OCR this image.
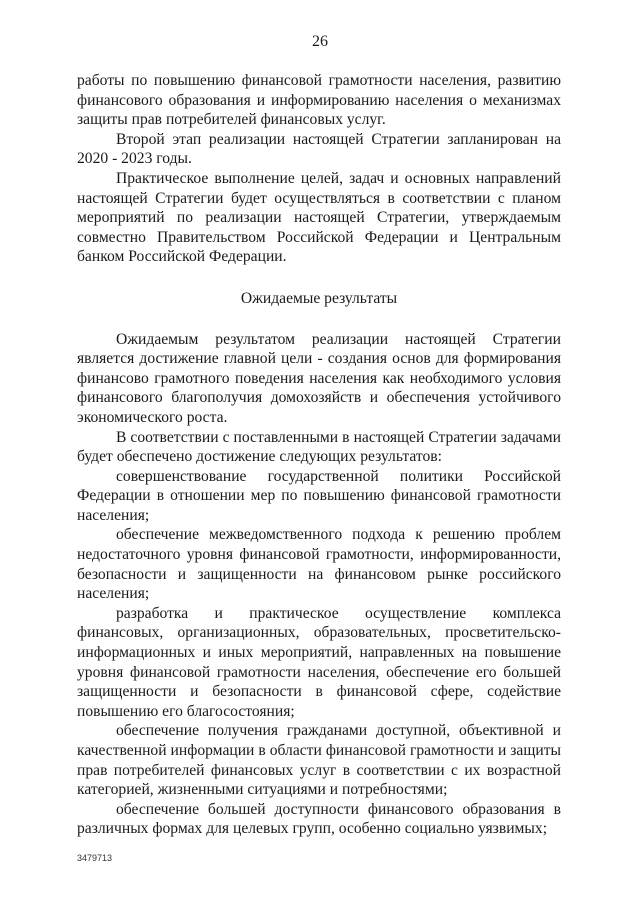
26

работы по повышению финансовой грамотности населения, развитию финансового образования и информированию населения о механизмах защиты прав потребителей финансовых услуг.

Второй этап реализации настоящей Стратегии запланирован на 2020 - 2023 годы.

Практическое выполнение целей, задач и основных направлений настоящей Стратегии будет осуществляться в соответствии с планом мероприятий по реализации настоящей Стратегии, утверждаемым совместно Правительством Российской Федерации и Центральным банком Российской Федерации.

Ожидаемые результаты

Ожидаемым результатом реализации настоящей Стратегии является достижение главной цели - создания основ для формирования финансово грамотного поведения населения как необходимого условия финансового благополучия домохозяйств и обеспечения устойчивого экономического роста.

В соответствии с поставленными в настоящей Стратегии задачами будет обеспечено достижение следующих результатов:

совершенствование государственной политики Российской Федерации в отношении мер по повышению финансовой грамотности населения;

обеспечение межведомственного подхода к решению проблем недостаточного уровня финансовой грамотности, информированности, безопасности и защищенности на финансовом рынке российского населения;

разработка и практическое осуществление комплекса финансовых, организационных, образовательных, просветительско-информационных и иных мероприятий, направленных на повышение уровня финансовой грамотности населения, обеспечение его большей защищенности и безопасности в финансовой сфере, содействие повышению его благосостояния;

обеспечение получения гражданами доступной, объективной и качественной информации в области финансовой грамотности и защиты прав потребителей финансовых услуг в соответствии с их возрастной категорией, жизненными ситуациями и потребностями;

обеспечение большей доступности финансового образования в различных формах для целевых групп, особенно социально уязвимых;

3479713
